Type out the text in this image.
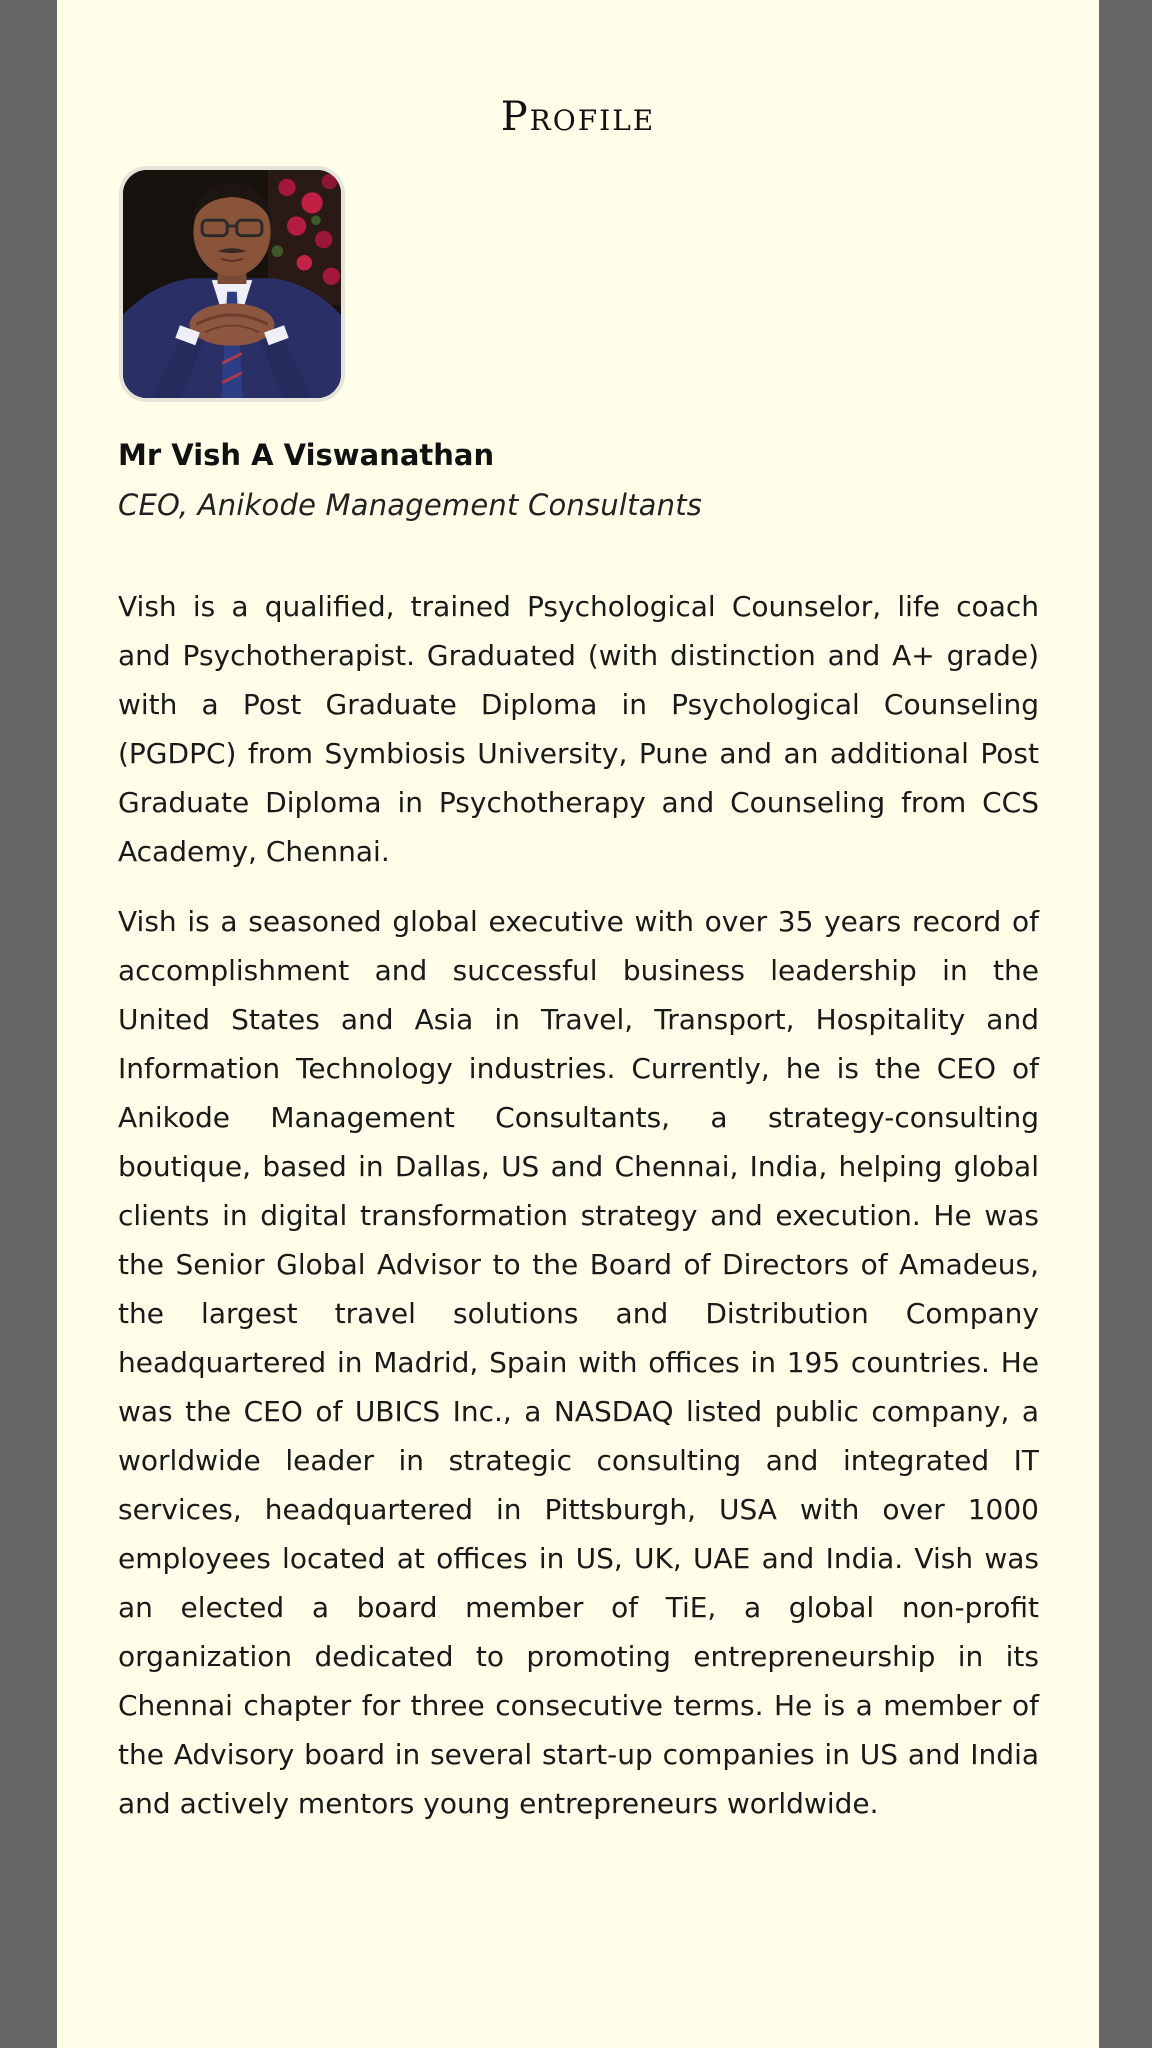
Profile

Mr Vish A Viswanathan

CEO, Anikode Management Consultants

Vish is a qualified, trained Psychological Counselor, life coach and Psychotherapist. Graduated (with distinction and A+ grade) with a Post Graduate Diploma in Psychological Counseling (PGDPC) from Symbiosis University, Pune and an additional Post Graduate Diploma in Psychotherapy and Counseling from CCS Academy, Chennai.

Vish is a seasoned global executive with over 35 years record of accomplishment and successful business leadership in the United States and Asia in Travel, Transport, Hospitality and Information Technology industries. Currently, he is the CEO of Anikode Management Consultants, a strategy-consulting boutique, based in Dallas, US and Chennai, India, helping global clients in digital transformation strategy and execution. He was the Senior Global Advisor to the Board of Directors of Amadeus, the largest travel solutions and Distribution Company headquartered in Madrid, Spain with offices in 195 countries. He was the CEO of UBICS Inc., a NASDAQ listed public company, a worldwide leader in strategic consulting and integrated IT services, headquartered in Pittsburgh, USA with over 1000 employees located at offices in US, UK, UAE and India. Vish was an elected a board member of TiE, a global non-profit organization dedicated to promoting entrepreneurship in its Chennai chapter for three consecutive terms. He is a member of the Advisory board in several start-up companies in US and India and actively mentors young entrepreneurs worldwide.
